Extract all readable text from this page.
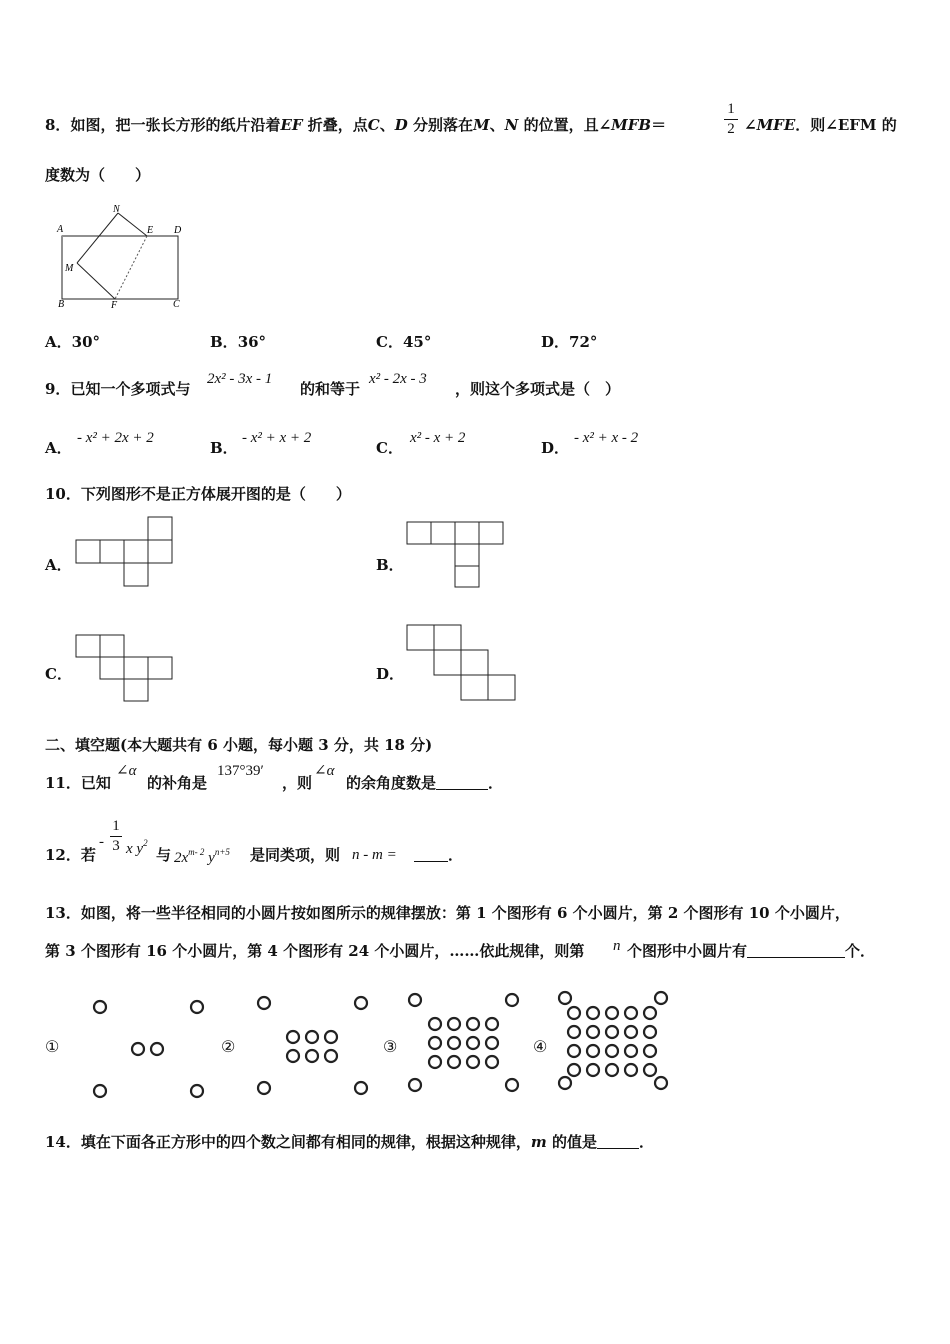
8．如图，把一张长方形的纸片沿着EF 折叠，点C、D 分别落在M、N 的位置，且∠MFB＝
1
2 ∠MFE．则∠EFM 的
度数为（　　）
A
N
E D
M
B	F	C
A．30°	B．36°	C．45°	D．72°
9．已知一个多项式与
2x² - 3x - 1
的和等于
x² - 2x - 3
，则这个多项式是（　）
A．
- x² + 2x + 2
B．
- x² + x + 2
C．
x² - x + 2
D．
- x² + x - 2
10．下列图形不是正方体展开图的是（　　）
A．	B．
C．	D．
二、填空题(本大题共有 6 小题，每小题 3 分，共 18 分)
11．已知
∠α
的补角是
137°39′
，则
∠α
的余角度数是	．
12．若
-
1
3 x $y^2$
与 $2x^{m- 2}$ $y^{n+5}$ 是同类项，则 n - m =	．
13．如图，将一些半径相同的小圆片按如图所示的规律摆放：第 1 个图形有 6 个小圆片，第 2 个图形有 10 个小圆片，
第 3 个图形有 16 个小圆片，第 4 个图形有 24 个小圆片，……依此规律，则第 n 个图形中小圆片有	个．
①	②	③	④
14．填在下面各正方形中的四个数之间都有相同的规律，根据这种规律，m 的值是	．
